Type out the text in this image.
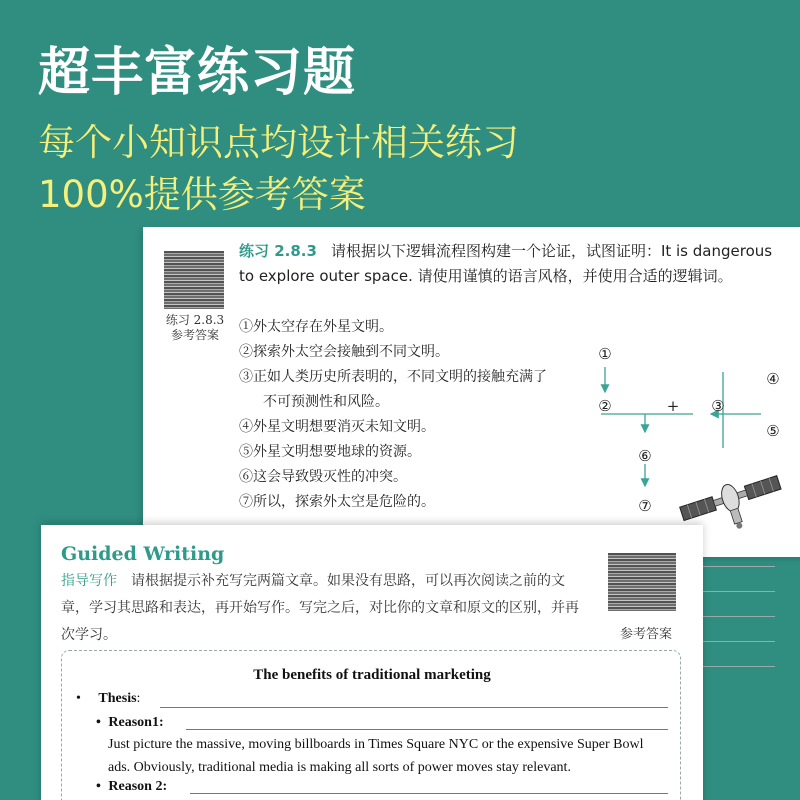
超丰富练习题
每个小知识点均设计相关练习
100%提供参考答案
练习 2.8.3
参考答案
练习 2.8.3 请根据以下逻辑流程图构建一个论证，试图证明：It is dangerous to explore outer space. 请使用谨慎的语言风格，并使用合适的逻辑词。
①外太空存在外星文明。
②探索外太空会接触到不同文明。
③正如人类历史所表明的，不同文明的接触充满了
不可预测性和风险。
④外星文明想要消灭未知文明。
⑤外星文明想要地球的资源。
⑥这会导致毁灭性的冲突。
⑦所以，探索外太空是危险的。
①
②	+ ③
④
⑤
⑥
⑦
Guided Writing
指导写作 请根据提示补充写完两篇文章。如果没有思路，可以再次阅读之前的文章，学习其思路和表达，再开始写作。写完之后，对比你的文章和原文的区别，并再次学习。	参考答案
The benefits of traditional marketing
• Thesis:
• Reason1:
Just picture the massive, moving billboards in Times Square NYC or the expensive Super Bowl ads. Obviously, traditional media is making all sorts of power moves stay relevant.
• Reason 2:
